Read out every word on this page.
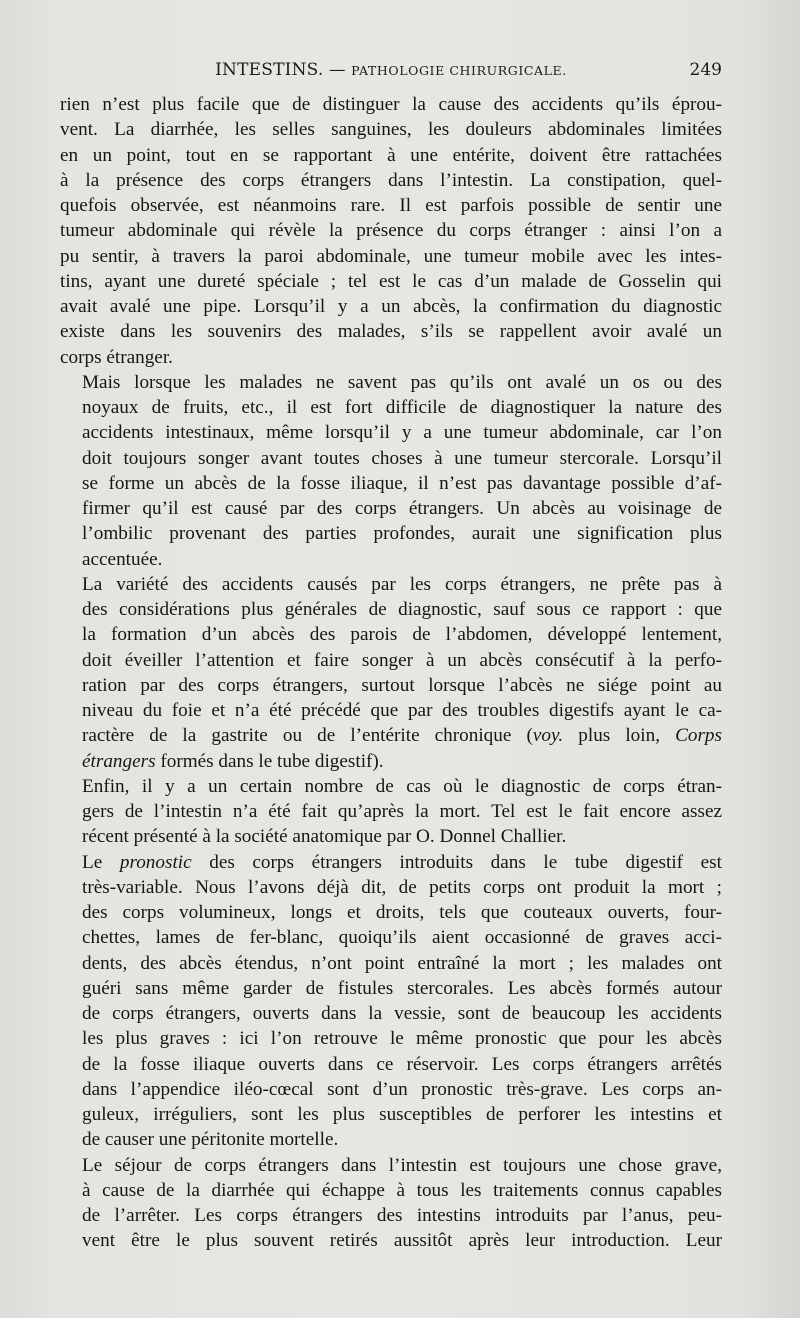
INTESTINS. — PATHOLOGIE CHIRURGICALE.	249

rien n’est plus facile que de distinguer la cause des accidents qu’ils éprou-
vent. La diarrhée, les selles sanguines, les douleurs abdominales limitées
en un point, tout en se rapportant à une entérite, doivent être rattachées
à la présence des corps étrangers dans l’intestin. La constipation, quel-
quefois observée, est néanmoins rare. Il est parfois possible de sentir une
tumeur abdominale qui révèle la présence du corps étranger : ainsi l’on a
pu sentir, à travers la paroi abdominale, une tumeur mobile avec les intes-
tins, ayant une dureté spéciale ; tel est le cas d’un malade de Gosselin qui
avait avalé une pipe. Lorsqu’il y a un abcès, la confirmation du diagnostic
existe dans les souvenirs des malades, s’ils se rappellent avoir avalé un
corps étranger.

Mais lorsque les malades ne savent pas qu’ils ont avalé un os ou des
noyaux de fruits, etc., il est fort difficile de diagnostiquer la nature des
accidents intestinaux, même lorsqu’il y a une tumeur abdominale, car l’on
doit toujours songer avant toutes choses à une tumeur stercorale. Lorsqu’il
se forme un abcès de la fosse iliaque, il n’est pas davantage possible d’af-
firmer qu’il est causé par des corps étrangers. Un abcès au voisinage de
l’ombilic provenant des parties profondes, aurait une signification plus
accentuée.

La variété des accidents causés par les corps étrangers, ne prête pas à
des considérations plus générales de diagnostic, sauf sous ce rapport : que
la formation d’un abcès des parois de l’abdomen, développé lentement,
doit éveiller l’attention et faire songer à un abcès consécutif à la perfo-
ration par des corps étrangers, surtout lorsque l’abcès ne siége point au
niveau du foie et n’a été précédé que par des troubles digestifs ayant le ca-
ractère de la gastrite ou de l’entérite chronique (voy. plus loin, Corps
étrangers formés dans le tube digestif).

Enfin, il y a un certain nombre de cas où le diagnostic de corps étran-
gers de l’intestin n’a été fait qu’après la mort. Tel est le fait encore assez
récent présenté à la société anatomique par O. Donnel Challier.

Le pronostic des corps étrangers introduits dans le tube digestif est
très-variable. Nous l’avons déjà dit, de petits corps ont produit la mort ;
des corps volumineux, longs et droits, tels que couteaux ouverts, four-
chettes, lames de fer-blanc, quoiqu’ils aient occasionné de graves acci-
dents, des abcès étendus, n’ont point entraîné la mort ; les malades ont
guéri sans même garder de fistules stercorales. Les abcès formés autour
de corps étrangers, ouverts dans la vessie, sont de beaucoup les accidents
les plus graves : ici l’on retrouve le même pronostic que pour les abcès
de la fosse iliaque ouverts dans ce réservoir. Les corps étrangers arrêtés
dans l’appendice iléo-cœcal sont d’un pronostic très-grave. Les corps an-
guleux, irréguliers, sont les plus susceptibles de perforer les intestins et
de causer une péritonite mortelle.

Le séjour de corps étrangers dans l’intestin est toujours une chose grave,
à cause de la diarrhée qui échappe à tous les traitements connus capables
de l’arrêter. Les corps étrangers des intestins introduits par l’anus, peu-
vent être le plus souvent retirés aussitôt après leur introduction. Leur
